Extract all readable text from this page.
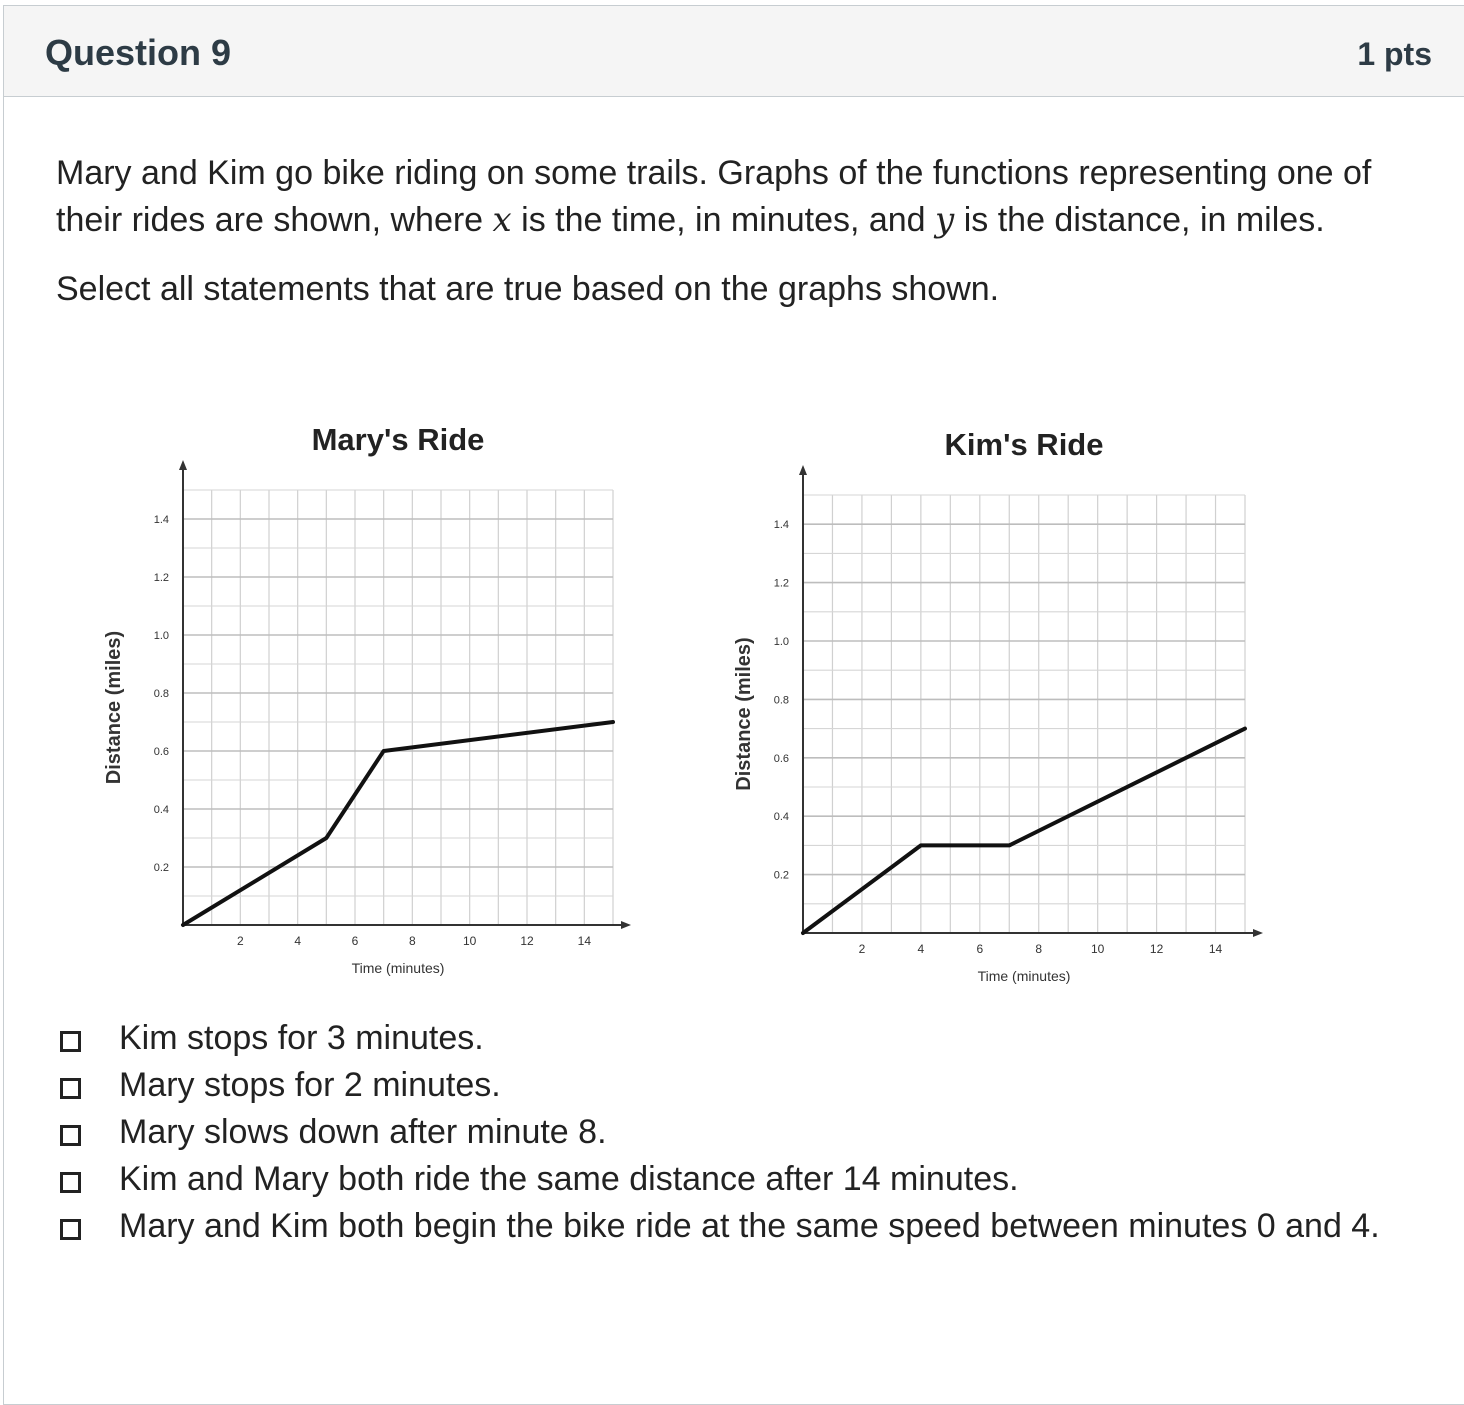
Question 9	1 pts

Mary and Kim go bike riding on some trails. Graphs of the functions representing one of their rides are shown, where x is the time, in minutes, and y is the distance, in miles.

Select all statements that are true based on the graphs shown.

2	4	6	8	10	12	14
0.2
0.4
0.6
0.8
1.0
1.2
1.4
Time (minutes)
Distance (miles)
Mary's Ride
2	4	6	8	10	12	14
0.2
0.4
0.6
0.8
1.0
1.2
1.4
Time (minutes)
Distance (miles)
Kim's Ride
Kim stops for 3 minutes.
Mary stops for 2 minutes.
Mary slows down after minute 8.
Kim and Mary both ride the same distance after 14 minutes.
Mary and Kim both begin the bike ride at the same speed between minutes 0 and 4.
